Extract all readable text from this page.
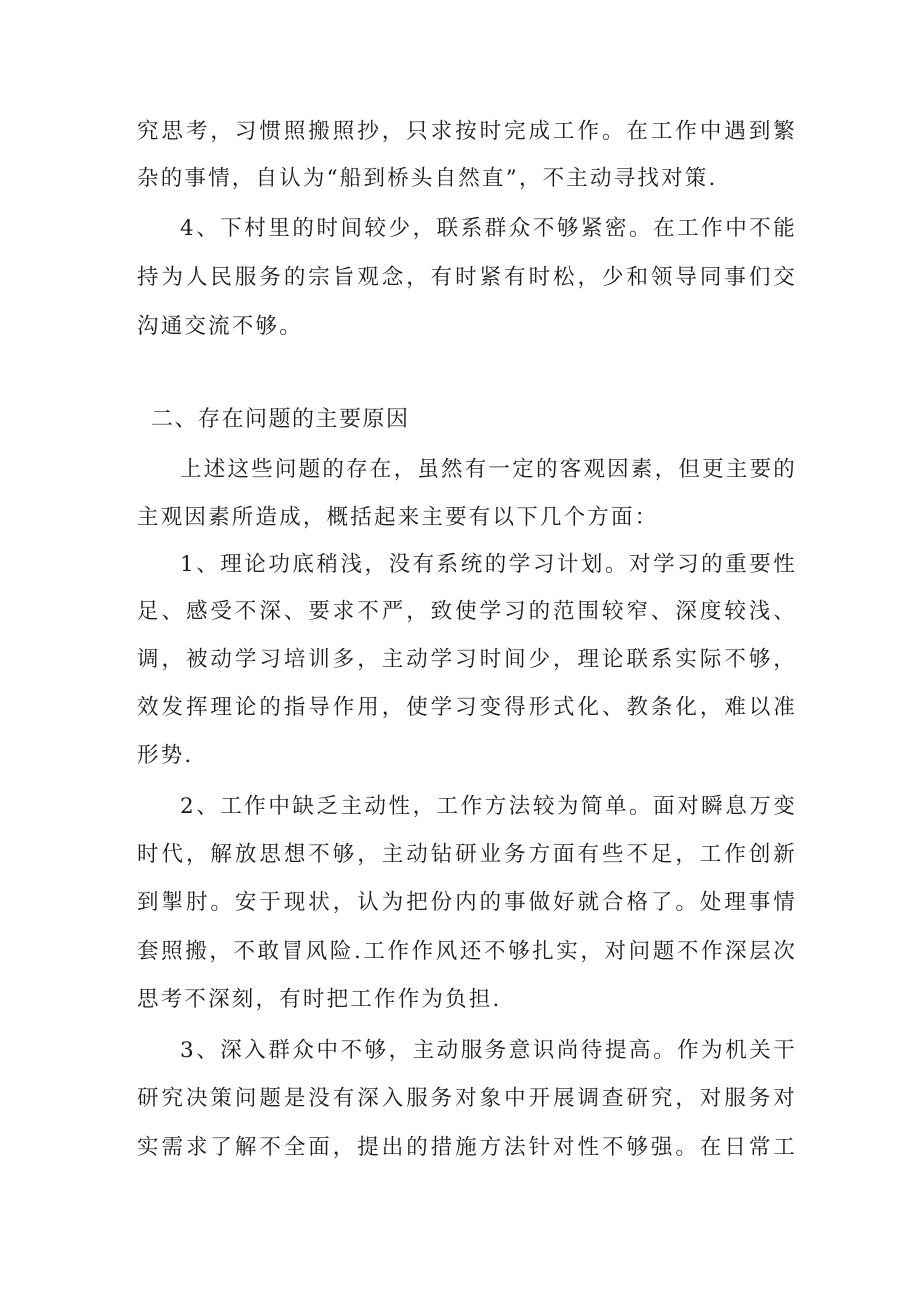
究思考，习惯照搬照抄，只求按时完成工作。在工作中遇到繁
杂的事情，自认为“船到桥头自然直”，不主动寻找对策.
4、下村里的时间较少，联系群众不够紧密。在工作中不能
持为人民服务的宗旨观念，有时紧有时松，少和领导同事们交
沟通交流不够。
二、存在问题的主要原因
上述这些问题的存在，虽然有一定的客观因素，但更主要的
主观因素所造成，概括起来主要有以下几个方面：
1、理论功底稍浅，没有系统的学习计划。对学习的重要性
足、感受不深、要求不严，致使学习的范围较窄、深度较浅、
调，被动学习培训多，主动学习时间少，理论联系实际不够，
效发挥理论的指导作用，使学习变得形式化、教条化，难以准
形势.
2、工作中缺乏主动性，工作方法较为简单。面对瞬息万变
时代，解放思想不够，主动钻研业务方面有些不足，工作创新
到掣肘。安于现状，认为把份内的事做好就合格了。处理事情
套照搬，不敢冒风险.工作作风还不够扎实，对问题不作深层次
思考不深刻，有时把工作作为负担.
3、深入群众中不够，主动服务意识尚待提高。作为机关干
研究决策问题是没有深入服务对象中开展调查研究，对服务对
实需求了解不全面，提出的措施方法针对性不够强。在日常工
